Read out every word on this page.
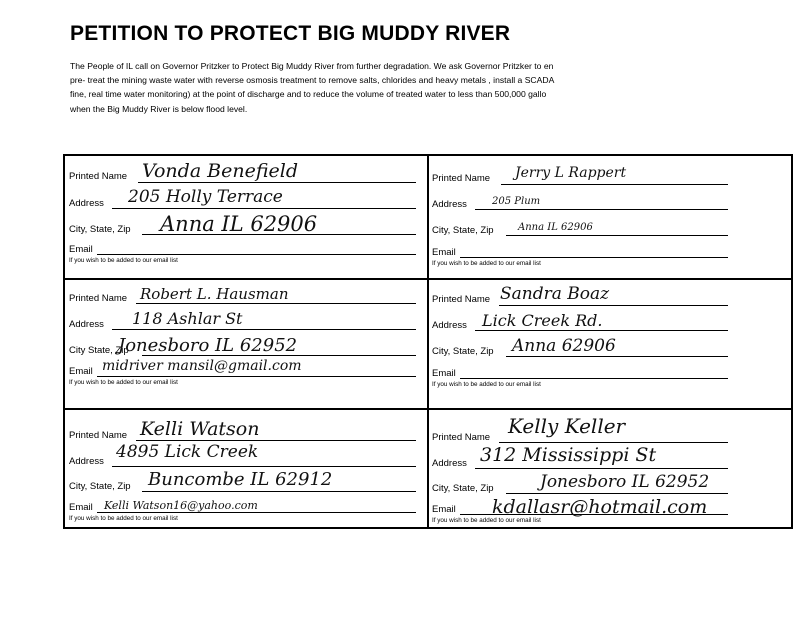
PETITION TO PROTECT BIG MUDDY RIVER
The People of IL call on Governor Pritzker to Protect Big Muddy River from further degradation. We ask Governor Pritzker to en
pre- treat the mining waste water with reverse osmosis treatment to remove salts, chlorides and heavy metals , install a SCADA
fine, real time water monitoring) at the point of discharge and to reduce the volume of treated water to less than 500,000 gallo
when the Big Muddy River is below flood level.
Printed Name Vonda Benefield
Address 205 Holly Terrace
City, State, Zip Anna IL 62906
Email
If you wish to be added to our email list
Printed Name Jerry L Rappert
Address	205 Plum
City, State, Zip Anna IL 62906
Email
If you wish to be added to our email list
Printed Name Robert L. Hausman
Address 118 Ashlar St
City State, Zip
Jonesboro IL 62952
Email midriver mansil@gmail.com
If you wish to be added to our email list
Printed Name Sandra Boaz
Address Lick Creek Rd.
City, State, Zip Anna 62906
Email
If you wish to be added to our email list
Printed Name Kelli Watson
Address 4895 Lick Creek
City, State, Zip Buncombe IL 62912
Email Kelli Watson16@yahoo.com
If you wish to be added to our email list
Printed Name Kelly Keller
Address 312 Mississippi St
City, State, Zip	Jonesboro IL 62952
Email kdallasr@hotmail.com
If you wish to be added to our email list
